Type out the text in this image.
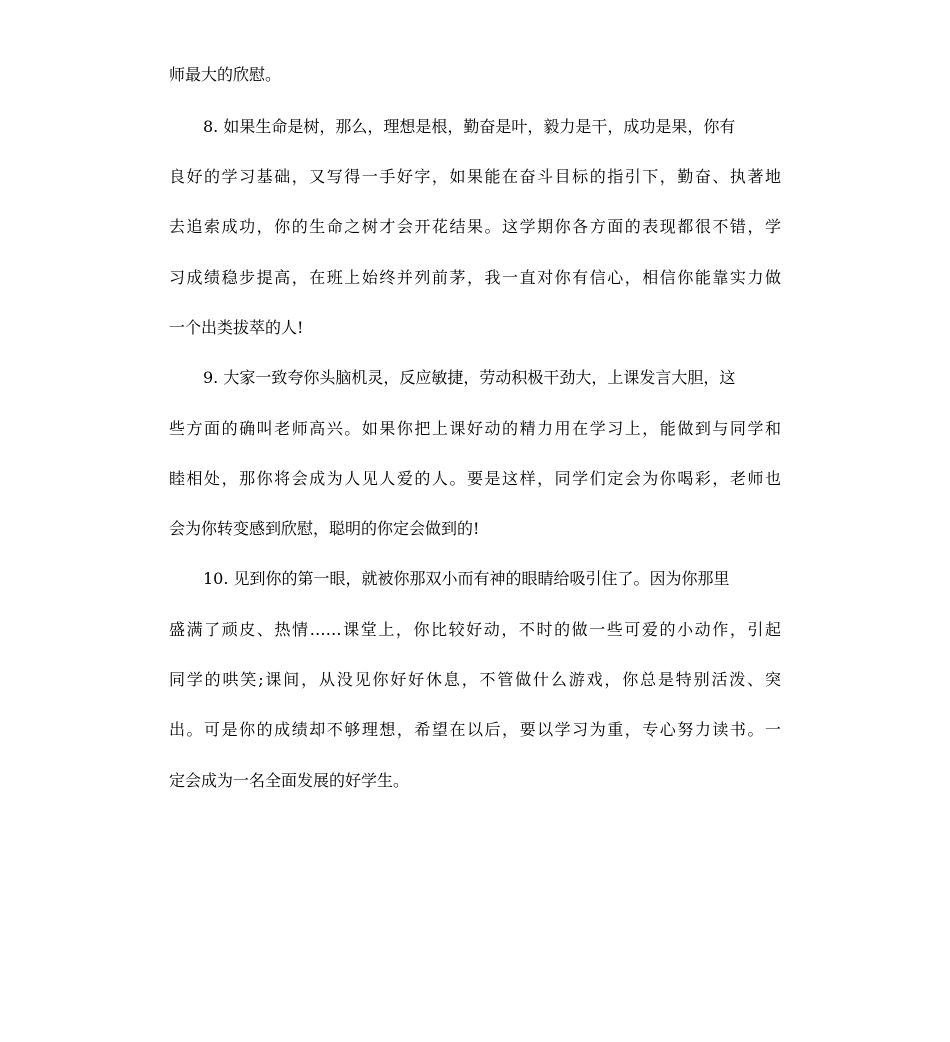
师最大的欣慰。
8. 如果生命是树，那么，理想是根，勤奋是叶，毅力是干，成功是果，你有
良好的学习基础，又写得一手好字，如果能在奋斗目标的指引下，勤奋、执著地
去追索成功，你的生命之树才会开花结果。这学期你各方面的表现都很不错，学
习成绩稳步提高，在班上始终并列前茅，我一直对你有信心，相信你能靠实力做
一个出类拔萃的人!
9. 大家一致夸你头脑机灵，反应敏捷，劳动积极干劲大，上课发言大胆，这
些方面的确叫老师高兴。如果你把上课好动的精力用在学习上，能做到与同学和
睦相处，那你将会成为人见人爱的人。要是这样，同学们定会为你喝彩，老师也
会为你转变感到欣慰，聪明的你定会做到的!
10. 见到你的第一眼，就被你那双小而有神的眼睛给吸引住了。因为你那里
盛满了顽皮、热情……课堂上，你比较好动，不时的做一些可爱的小动作，引起
同学的哄笑;课间，从没见你好好休息，不管做什么游戏，你总是特别活泼、突
出。可是你的成绩却不够理想，希望在以后，要以学习为重，专心努力读书。一
定会成为一名全面发展的好学生。
